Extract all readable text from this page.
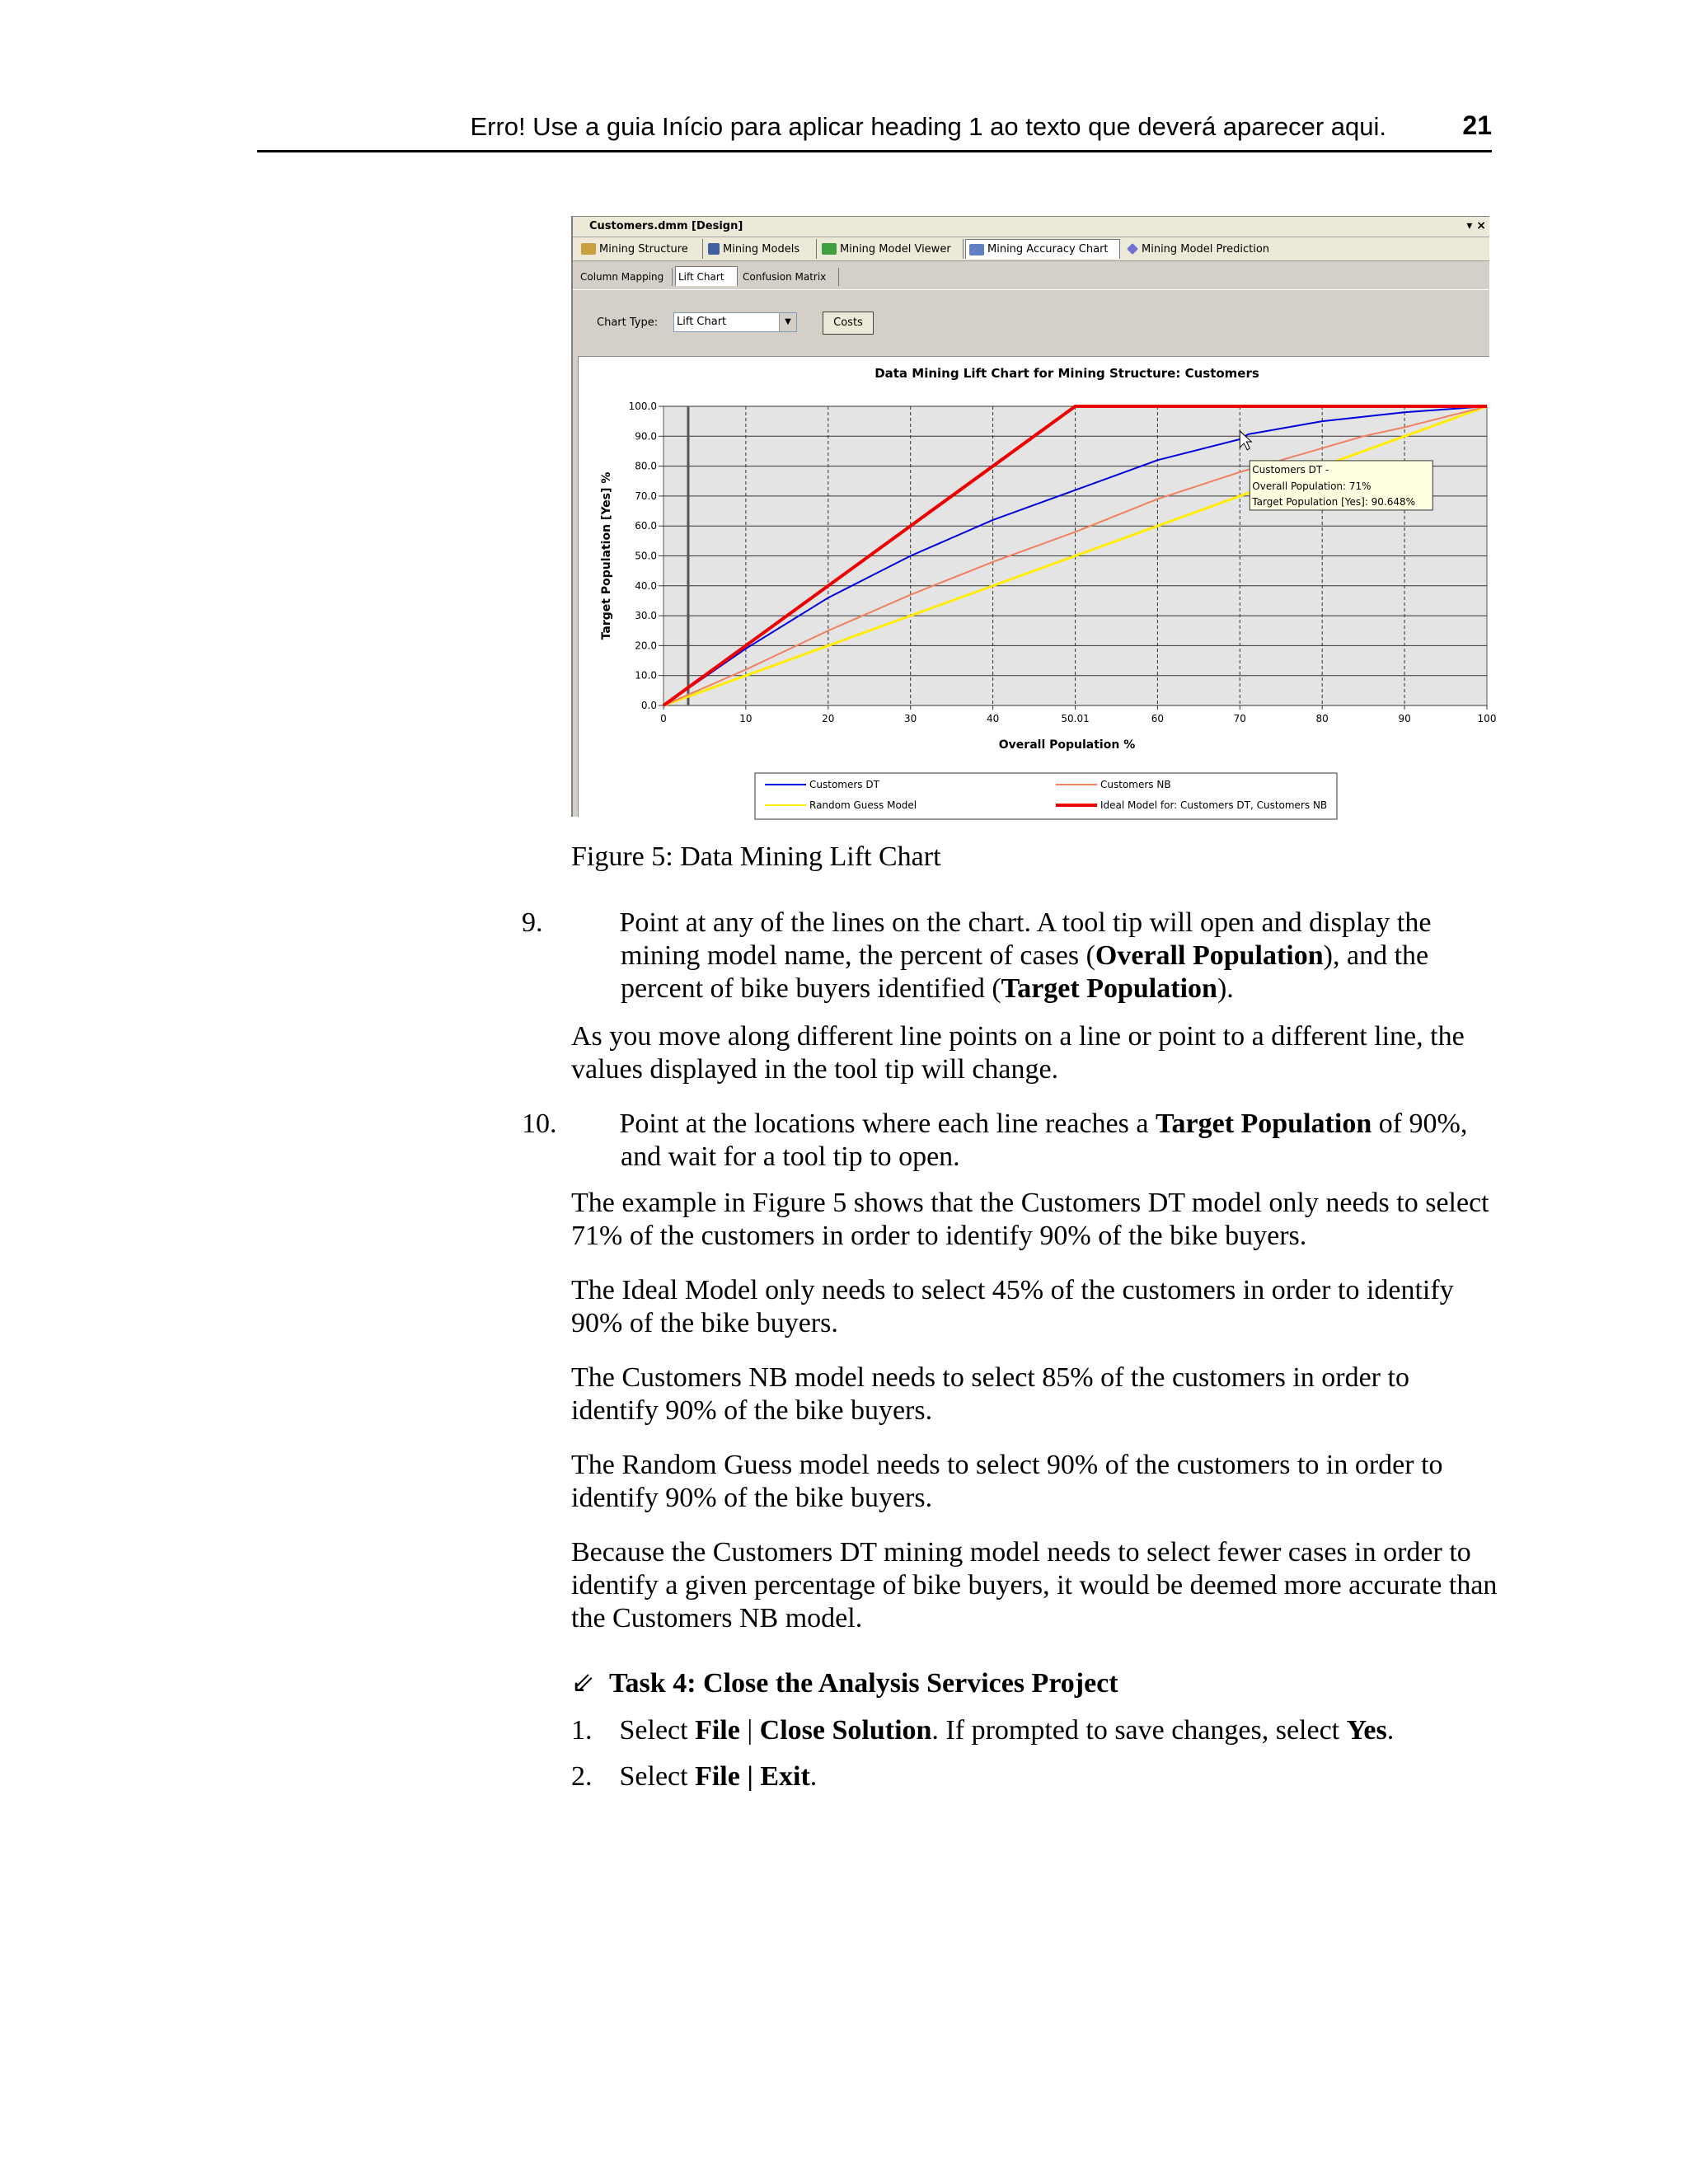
Erro! Use a guia Início para aplicar heading 1 ao texto que deverá aparecer aqui.	21
Customers.dmm [Design]	▾ ×
Mining Structure	Mining Models	Mining Model Viewer	Mining Accuracy Chart	Mining Model Prediction
Column Mapping	Lift Chart	Confusion Matrix
Chart Type:	Lift Chart	▼	Costs
0.0
10.0
20.0
30.0
40.0
50.0
60.0
70.0
80.0
90.0
100.0
0	10	20	30	40	50.01	60	70	80	90	100
Data Mining Lift Chart for Mining Structure: Customers
Overall Population %
Target Population [Yes] %
Customers DT -
Overall Population: 71%
Target Population [Yes]: 90.648%
Customers DT	Customers NB
Random Guess Model	Ideal Model for: Customers DT, Customers NB

Figure 5: Data Mining Lift Chart

9.	Point at any of the lines on the chart. A tool tip will open and display the mining model name, the percent of cases (Overall Population), and the percent of bike buyers identified (Target Population).

As you move along different line points on a line or point to a different line, the values displayed in the tool tip will change.

10. Point at the locations where each line reaches a Target Population of 90%, and wait for a tool tip to open.

The example in Figure 5 shows that the Customers DT model only needs to select 71% of the customers in order to identify 90% of the bike buyers.

The Ideal Model only needs to select 45% of the customers in order to identify 90% of the bike buyers.

The Customers NB model needs to select 85% of the customers in order to identify 90% of the bike buyers.

The Random Guess model needs to select 90% of the customers to in order to identify 90% of the bike buyers.

Because the Customers DT mining model needs to select fewer cases in order to identify a given percentage of bike buyers, it would be deemed more accurate than the Customers NB model.

⇙ Task 4: Close the Analysis Services Project

1. Select File | Close Solution. If prompted to save changes, select Yes.

2. Select File | Exit.
